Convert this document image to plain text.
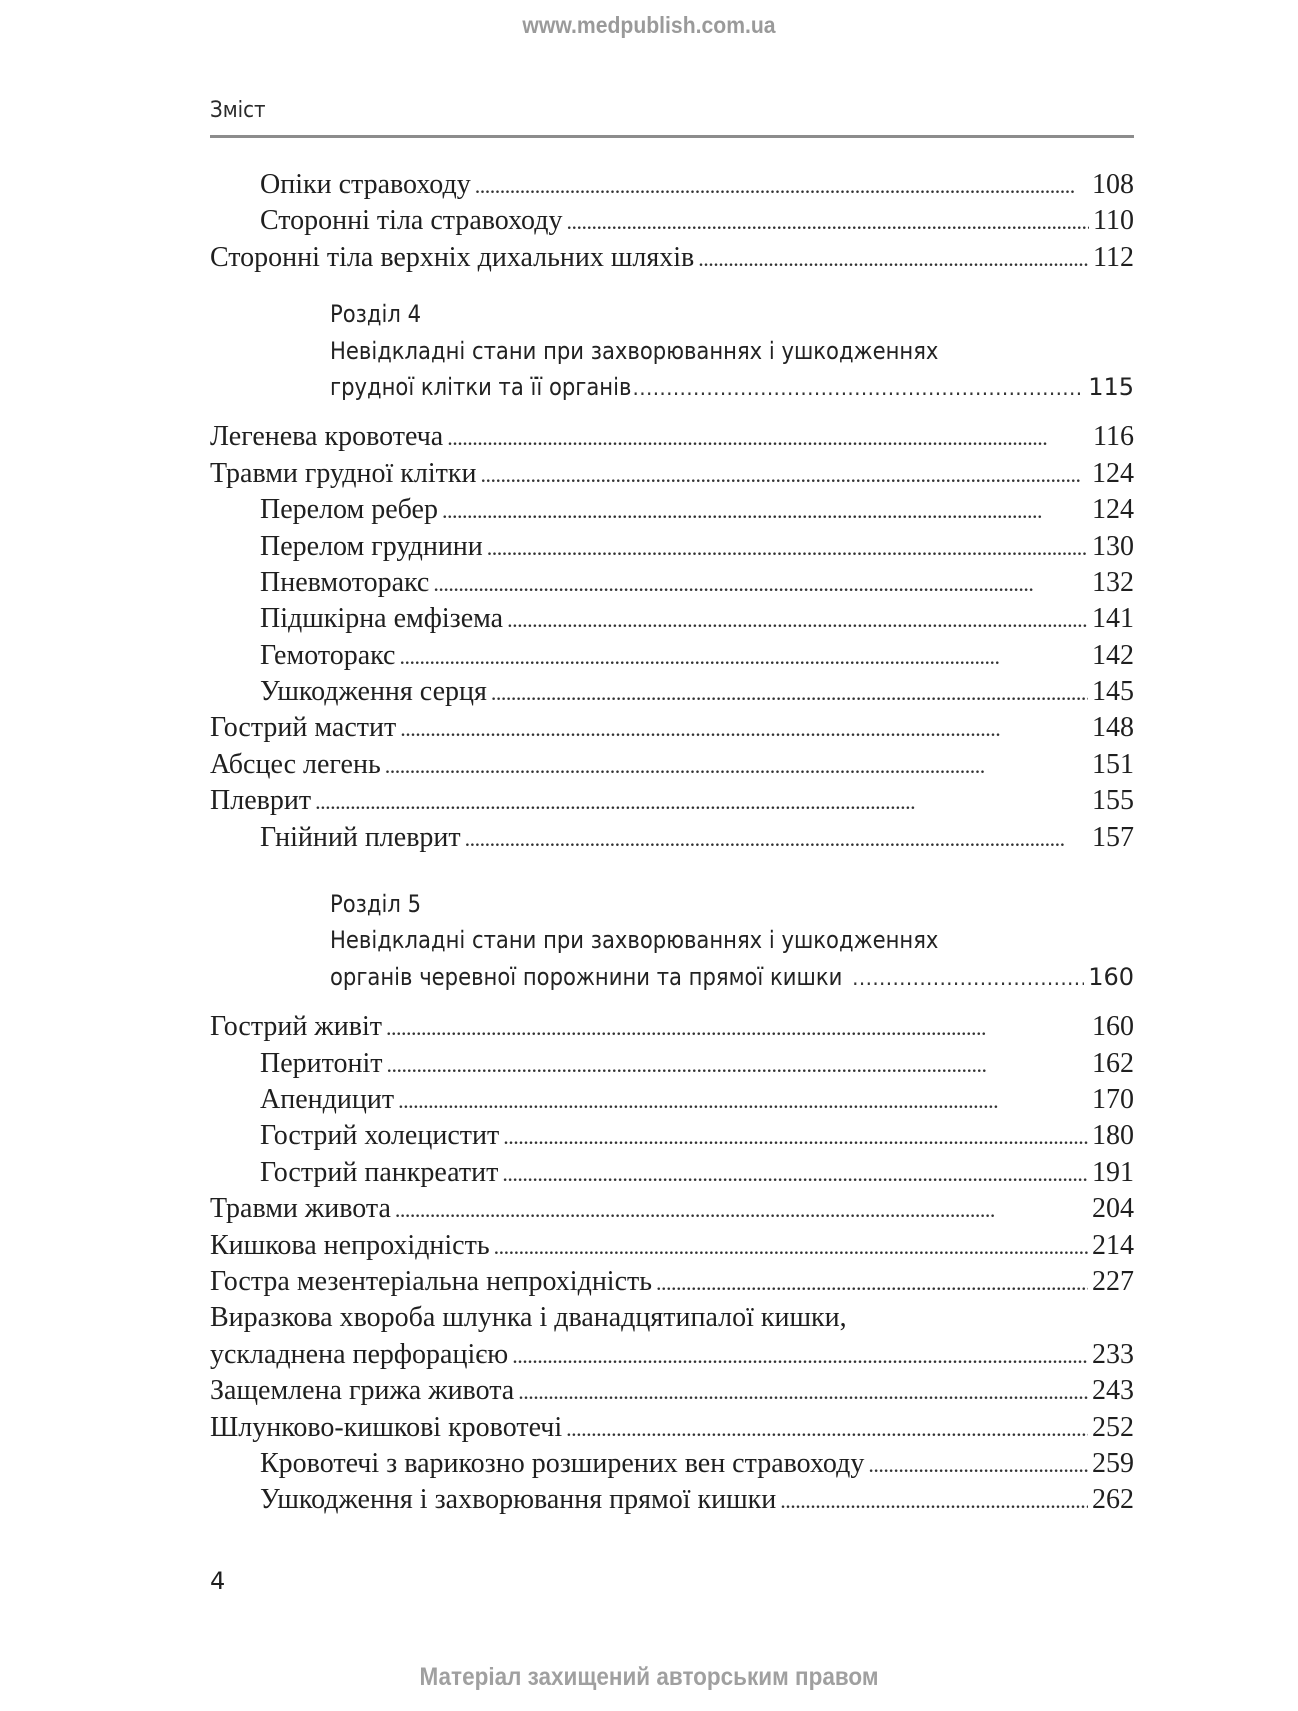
www.medpublish.com.ua
Зміст
Опіки стравоходу . . .	108
Сторонні тіла стравоходу . . .	110
Сторонні тіла верхніх дихальних шляхів . . .	112
Розділ 4
Невідкладні стани при захворюваннях і ушкодженнях
грудної клітки та її органів . . .	115
Легенева кровотеча . . .	116
Травми грудної клітки . . .	124
Перелом ребер . . .	124
Перелом груднини . . .	130
Пневмоторакс . . .	132
Підшкірна емфізема . . .	141
Гемоторакс . . .	142
Ушкодження серця . . .	145
Гострий мастит . . .	148
Абсцес легень . . .	151
Плеврит . . .	155
Гнійний плеврит . . .	157
Розділ 5
Невідкладні стани при захворюваннях і ушкодженнях
органів черевної порожнини та прямої кишки . . .	160
Гострий живіт . . .	160
Перитоніт . . .	162
Апендицит . . .	170
Гострий холецистит . . .	180
Гострий панкреатит . . .	191
Травми живота . . .	204
Кишкова непрохідність . . .	214
Гостра мезентеріальна непрохідність . . .	227
Виразкова хвороба шлунка і дванадцятипалої кишки,
ускладнена перфорацією . . .	233
Защемлена грижа живота . . .	243
Шлунково-кишкові кровотечі . . .	252
Кровотечі з варикозно розширених вен стравоходу . . .	259
Ушкодження і захворювання прямої кишки . . .	262
4
Матеріал захищений авторським правом
